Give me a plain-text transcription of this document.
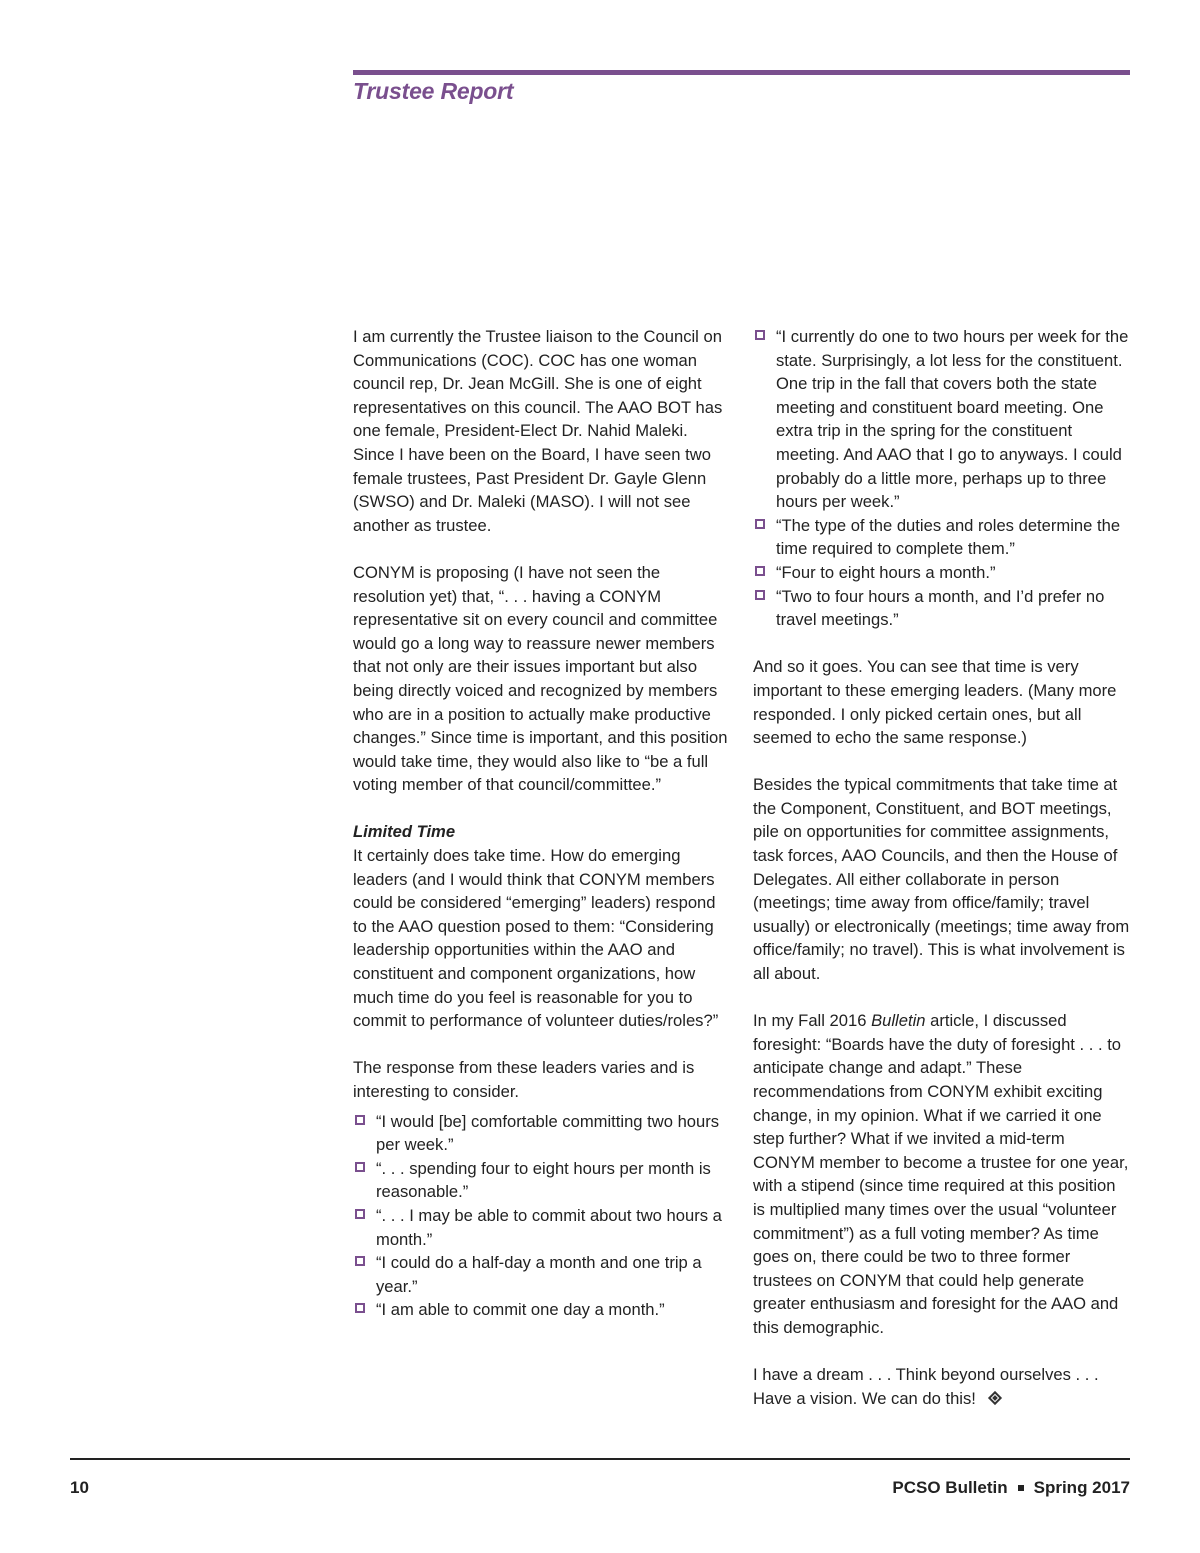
Trustee Report

I am currently the Trustee liaison to the Council on Communications (COC). COC has one woman council rep, Dr. Jean McGill. She is one of eight representatives on this council. The AAO BOT has one female, President-Elect Dr. Nahid Maleki. Since I have been on the Board, I have seen two female trustees, Past President Dr. Gayle Glenn (SWSO) and Dr. Maleki (MASO). I will not see another as trustee.

CONYM is proposing (I have not seen the resolution yet) that, “. . . having a CONYM representative sit on every council and committee would go a long way to reassure newer members that not only are their issues important but also being directly voiced and recognized by members who are in a position to actually make productive changes.” Since time is important, and this position would take time, they would also like to “be a full voting member of that council/committee.”

Limited Time

It certainly does take time. How do emerging leaders (and I would think that CONYM members could be considered “emerging” leaders) respond to the AAO question posed to them: “Considering leadership opportunities within the AAO and constituent and component organizations, how much time do you feel is reasonable for you to commit to performance of volunteer duties/roles?”

The response from these leaders varies and is interesting to consider.

“I would [be] comfortable committing two hours per week.”
“. . . spending four to eight hours per month is reasonable.”
“. . . I may be able to commit about two hours a month.”
“I could do a half-day a month and one trip a year.”
“I am able to commit one day a month.”
“I currently do one to two hours per week for the state. Surprisingly, a lot less for the constituent. One trip in the fall that covers both the state meeting and constituent board meeting. One extra trip in the spring for the constituent meeting. And AAO that I go to anyways. I could probably do a little more, perhaps up to three hours per week.”
“The type of the duties and roles determine the time required to complete them.”
“Four to eight hours a month.”
“Two to four hours a month, and I’d prefer no travel meetings.”

And so it goes. You can see that time is very important to these emerging leaders. (Many more responded. I only picked certain ones, but all seemed to echo the same response.)

Besides the typical commitments that take time at the Component, Constituent, and BOT meetings, pile on opportunities for committee assignments, task forces, AAO Councils, and then the House of Delegates. All either collaborate in person (meetings; time away from office/family; travel usually) or electronically (meetings; time away from office/family; no travel). This is what involvement is all about.

In my Fall 2016 Bulletin article, I discussed foresight: “Boards have the duty of foresight . . . to anticipate change and adapt.” These recommendations from CONYM exhibit exciting change, in my opinion. What if we carried it one step further? What if we invited a mid-term CONYM member to become a trustee for one year, with a stipend (since time required at this position is multiplied many times over the usual “volunteer commitment”) as a full voting member? As time goes on, there could be two to three former trustees on CONYM that could help generate greater enthusiasm and foresight for the AAO and this demographic.

I have a dream . . . Think beyond ourselves . . . Have a vision. We can do this!

10	PCSO Bulletin Spring 2017
